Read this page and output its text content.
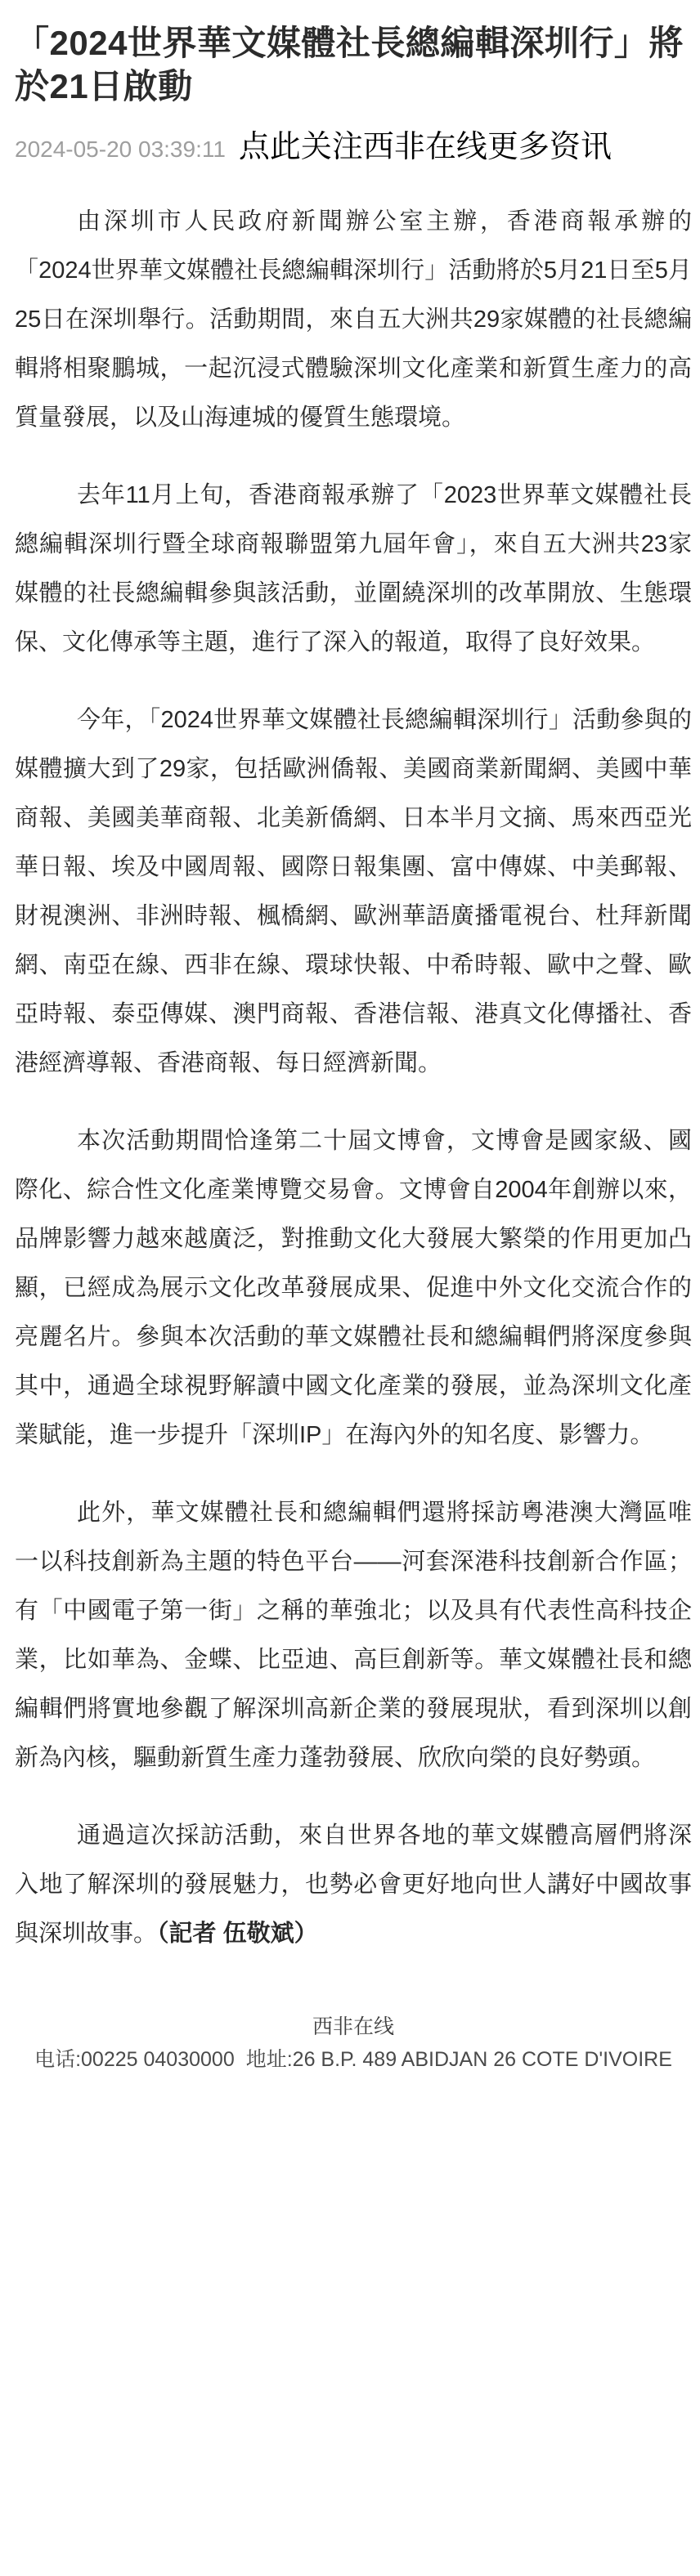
「2024世界華文媒體社長總編輯深圳行」將於21日啟動
2024-05-20 03:39:11 点此关注西非在线更多资讯

由深圳市人民政府新聞辦公室主辦，香港商報承辦的「2024世界華文媒體社長總編輯深圳行」活動將於5月21日至5月25日在深圳舉行。活動期間，來自五大洲共29家媒體的社長總編輯將相聚鵬城，一起沉浸式體驗深圳文化產業和新質生產力的高質量發展，以及山海連城的優質生態環境。

去年11月上旬，香港商報承辦了「2023世界華文媒體社長總編輯深圳行暨全球商報聯盟第九屆年會」，來自五大洲共23家媒體的社長總編輯參與該活動，並圍繞深圳的改革開放、生態環保、文化傳承等主題，進行了深入的報道，取得了良好效果。

今年，「2024世界華文媒體社長總編輯深圳行」活動參與的媒體擴大到了29家，包括歐洲僑報、美國商業新聞網、美國中華商報、美國美華商報、北美新僑網、日本半月文摘、馬來西亞光華日報、埃及中國周報、國際日報集團、富中傳媒、中美郵報、財視澳洲、非洲時報、楓橋網、歐洲華語廣播電視台、杜拜新聞網、南亞在線、西非在線、環球快報、中希時報、歐中之聲、歐亞時報、泰亞傳媒、澳門商報、香港信報、港真文化傳播社、香港經濟導報、香港商報、每日經濟新聞。

本次活動期間恰逢第二十屆文博會，文博會是國家級、國際化、綜合性文化產業博覽交易會。文博會自2004年創辦以來，品牌影響力越來越廣泛，對推動文化大發展大繁榮的作用更加凸顯，已經成為展示文化改革發展成果、促進中外文化交流合作的亮麗名片。參與本次活動的華文媒體社長和總編輯們將深度參與其中，通過全球視野解讀中國文化產業的發展，並為深圳文化產業賦能，進一步提升「深圳IP」在海內外的知名度、影響力。

此外，華文媒體社長和總編輯們還將採訪粵港澳大灣區唯一以科技創新為主題的特色平台——河套深港科技創新合作區；有「中國電子第一街」之稱的華強北；以及具有代表性高科技企業，比如華為、金蝶、比亞迪、高巨創新等。華文媒體社長和總編輯們將實地參觀了解深圳高新企業的發展現狀，看到深圳以創新為內核，驅動新質生產力蓬勃發展、欣欣向榮的良好勢頭。

通過這次採訪活動，來自世界各地的華文媒體高層們將深入地了解深圳的發展魅力，也勢必會更好地向世人講好中國故事與深圳故事。（記者 伍敬斌）

西非在线
电话:00225 04030000 地址:26 B.P. 489 ABIDJAN 26 COTE D'IVOIRE
